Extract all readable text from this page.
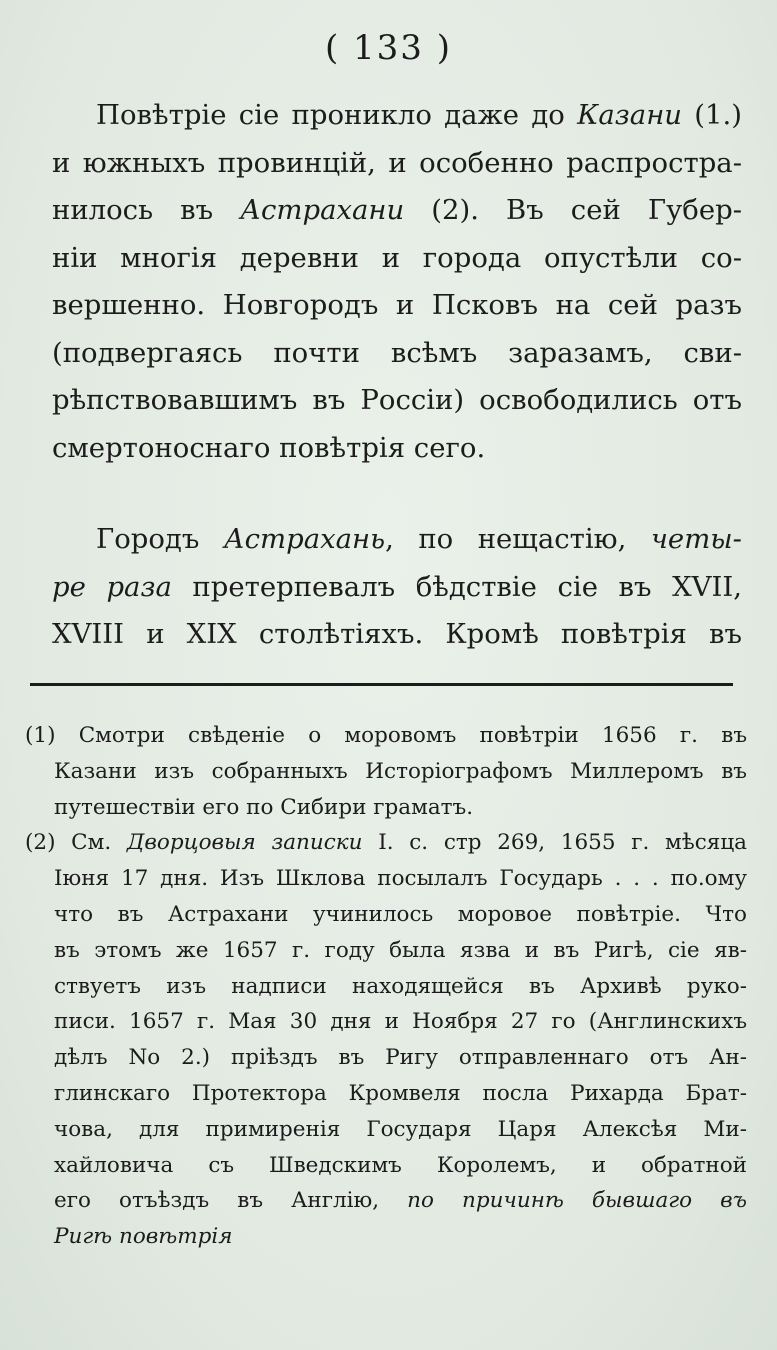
( 133 )
Повѣтріе сіе проникло даже до Казани (1.)
и южныхъ провинцій, и особенно распростра-
нилось въ Астрахани (2). Въ сей Губер-
ніи многія деревни и города опустѣли со-
вершенно. Новгородъ и Псковъ на сей разъ
(подвергаясь почти всѣмъ заразамъ, сви-
рѣпствовавшимъ въ Россіи) освободились отъ
смертоноснаго повѣтрія сего.
Городъ Астрахань, по нещастію, четы-
ре раза претерпевалъ бѣдствіе сіе въ XVII,
XVIII и XIX столѣтіяхъ. Кромѣ повѣтрія въ
(1) Смотри свѣденіе о моровомъ повѣтріи 1656 г. въ
Казани изъ собранныхъ Исторіографомъ Миллеромъ въ
путешествіи его по Сибири граматъ.
(2) См. Дворцовыя записки I. с. стр 269, 1655 г. мѣсяца
Іюня 17 дня. Изъ Шклова посылалъ Государь . . . по.ому
что въ Астрахани учинилось моровое повѣтріе. Что
въ этомъ же 1657 г. году была язва и въ Ригѣ, сіе яв-
ствуетъ изъ надписи находящейся въ Архивѣ руко-
писи. 1657 г. Мая 30 дня и Ноября 27 го (Англинскихъ
дѣлъ No 2.) пріѣздъ въ Ригу отправленнаго отъ Ан-
глинскаго Протектора Кромвеля посла Рихарда Брат-
чова, для примиренія Государя Царя Алексѣя Ми-
хайловича съ Шведскимъ Королемъ, и обратной
его отъѣздъ въ Англію, по причинѣ бывшаго въ
Ригѣ повѣтрія
